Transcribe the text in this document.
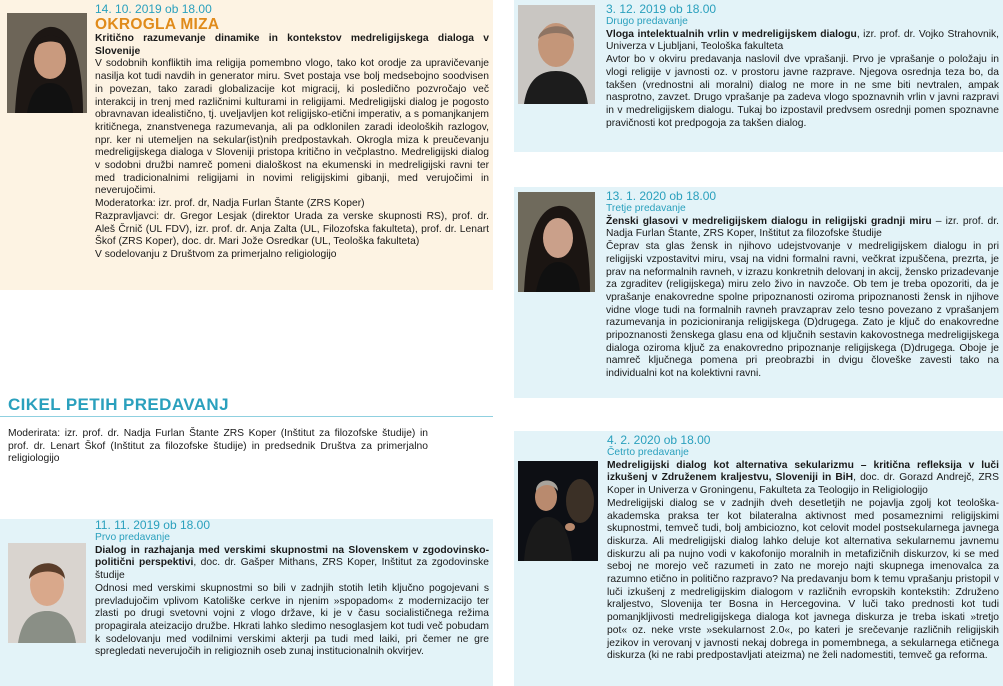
14. 10. 2019 ob 18.00
OKROGLA MIZA

Kritično razumevanje dinamike in kontekstov medreligijskega dialoga v Slovenije

V sodobnih konfliktih ima religija pomembno vlogo, tako kot orodje za upravičevanje nasilja kot tudi navdih in generator miru. Svet postaja vse bolj medsebojno soodvisen in povezan, tako zaradi globalizacije kot migracij, ki posledično pozvročajo več interakcij in trenj med različnimi kulturami in religijami. Medreligijski dialog je pogosto obravnavan idealistično, tj. uveljavljen kot religijsko-etični imperativ, a s pomanjkanjem kritičnega, znanstvenega razumevanja, ali pa odklonilen zaradi ideoloških razlogov, npr. ker ni utemeljen na sekular(ist)nih predpostavkah. Okrogla miza k preučevanju medreligijskega dialoga v Sloveniji pristopa kritično in večplastno. Medreligijski dialog v sodobni družbi namreč pomeni dialoškost na ekumenski in medreligijski ravni ter med tradicionalnimi religijami in novimi religijskimi gibanji, med verujočimi in neverujočimi.

Moderatorka: izr. prof. dr, Nadja Furlan Štante (ZRS Koper)

Razpravljavci: dr. Gregor Lesjak (direktor Urada za verske skupnosti RS), prof. dr. Aleš Črnič (UL FDV), izr. prof. dr. Anja Zalta (UL, Filozofska fakulteta), prof. dr. Lenart Škof (ZRS Koper), doc. dr. Mari Jože Osredkar (UL, Teološka fakulteta)

V sodelovanju z Društvom za primerjalno religiologijo

CIKEL PETIH PREDAVANJ

Moderirata: izr. prof. dr. Nadja Furlan Štante ZRS Koper (Inštitut za filozofske študije) in prof. dr. Lenart Škof (Inštitut za filozofske študije) in predsednik Društva za primerjalno religiologijo

11. 11. 2019 ob 18.00
Prvo predavanje

Dialog in razhajanja med verskimi skupnostmi na Slovenskem v zgodovinsko-politični perspektivi, doc. dr. Gašper Mithans, ZRS Koper, Inštitut za zgodovinske študije

Odnosi med verskimi skupnostmi so bili v zadnjih stotih letih ključno pogojevani s prevladujočim vplivom Katoliške cerkve in njenim »spopadom« z modernizacijo ter zlasti po drugi svetovni vojni z vlogo države, ki je v času socialističnega režima propagirala ateizacijo družbe. Hkrati lahko sledimo nesoglasjem kot tudi več pobudam k sodelovanju med vodilnimi verskimi akterji pa tudi med laiki, pri čemer ne gre spregledati neverujočih in religioznih oseb zunaj institucionalnih okvirjev.

3. 12. 2019 ob 18.00
Drugo predavanje

Vloga intelektualnih vrlin v medreligijskem dialogu, izr. prof. dr. Vojko Strahovnik, Univerza v Ljubljani, Teološka fakulteta

Avtor bo v okviru predavanja naslovil dve vprašanji. Prvo je vprašanje o položaju in vlogi religije v javnosti oz. v prostoru javne razprave. Njegova osrednja teza bo, da takšen (vrednostni ali moralni) dialog ne more in ne sme biti nevtralen, ampak nasprotno, zavzet. Drugo vprašanje pa zadeva vlogo spoznavnih vrlin v javni razpravi in v medreligijskem dialogu. Tukaj bo izpostavil predvsem osrednji pomen spoznavne pravičnosti kot predpogoja za takšen dialog.

13. 1. 2020 ob 18.00
Tretje predavanje

Ženski glasovi v medreligijskem dialogu in religijski gradnji miru – izr. prof. dr. Nadja Furlan Štante, ZRS Koper, Inštitut za filozofske študije

Čeprav sta glas žensk in njihovo udejstvovanje v medreligijskem dialogu in pri religijski vzpostavitvi miru, vsaj na vidni formalni ravni, večkrat izpuščena, prezrta, je prav na neformalnih ravneh, v izrazu konkretnih delovanj in akcij, žensko prizadevanje za zgraditev (religijskega) miru zelo živo in navzoče. Ob tem je treba opozoriti, da je vprašanje enakovredne spolne pripoznanosti oziroma pripoznanosti žensk in njihove vidne vloge tudi na formalnih ravneh pravzaprav zelo tesno povezano z vprašanjem razumevanja in pozicioniranja religijskega (D)drugega. Zato je ključ do enakovredne pripoznanosti ženskega glasu ena od ključnih sestavin kakovostnega medreligijskega dialoga oziroma ključ za enakovredno pripoznanje religijskega (D)drugega. Oboje je namreč ključnega pomena pri preobrazbi in dvigu človeške zavesti tako na individualni kot na kolektivni ravni.

4. 2. 2020 ob 18.00
Četrto predavanje

Medreligijski dialog kot alternativa sekularizmu – kritična refleksija v luči izkušenj v Združenem kraljestvu, Sloveniji in BiH, doc. dr. Gorazd Andrejč, ZRS Koper in Univerza v Groningenu, Fakulteta za Teologijo in Religiologijo

Medreligijski dialog se v zadnjih dveh desetletjih ne pojavlja zgolj kot teološka-akademska praksa ter kot bilateralna aktivnost med posameznimi religijskimi skupnostmi, temveč tudi, bolj ambiciozno, kot celovit model postsekularnega javnega diskurza. Ali medreligijski dialog lahko deluje kot alternativa sekularnemu javnemu diskurzu ali pa nujno vodi v kakofonijo moralnih in metafizičnih diskurzov, ki se med seboj ne morejo več razumeti in zato ne morejo najti skupnega imenovalca za razumno etično in politično razpravo? Na predavanju bom k temu vprašanju pristopil v luči izkušenj z medreligijskim dialogom v različnih evropskih kontekstih: Združeno kraljestvo, Slovenija ter Bosna in Hercegovina. V luči tako prednosti kot tudi pomanjkljivosti medreligijskega dialoga kot javnega diskurza je treba iskati »tretjo pot« oz. neke vrste »sekularnost 2.0«, po kateri je srečevanje različnih religijskih jezikov in verovanj v javnosti nekaj dobrega in pomembnega, a sekularnega etičnega diskurza (ki ne rabi predpostavljati ateizma) ne želi nadomestiti, temveč ga reforma.
